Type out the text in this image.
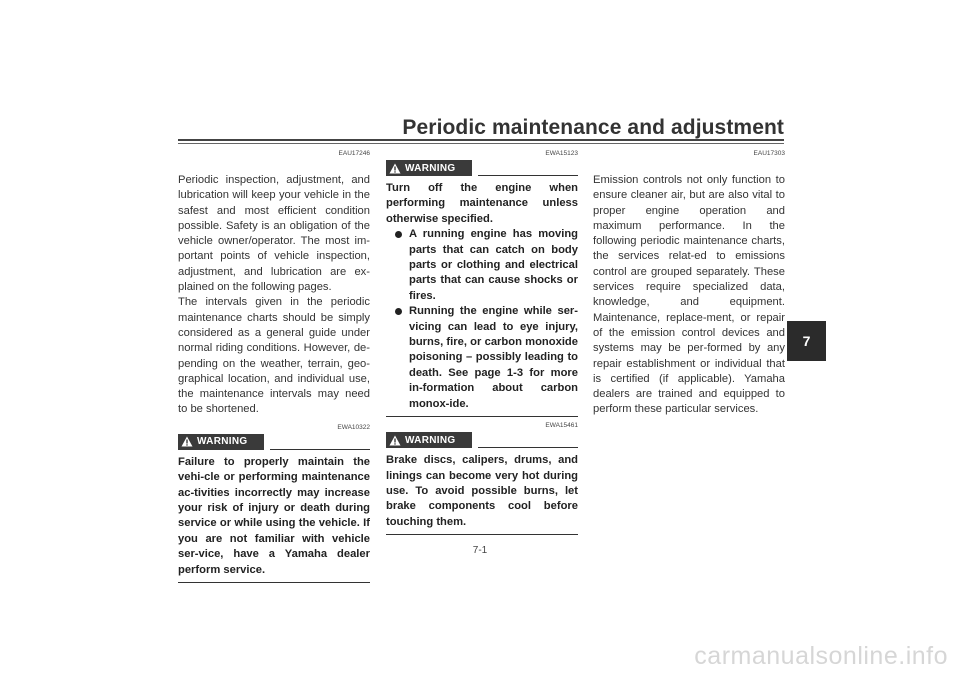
Periodic maintenance and adjustment
7
EAU17246

Periodic inspection, adjustment, and lubrication will keep your vehicle in the safest and most efficient condition possible. Safety is an obligation of the vehicle owner/operator. The most im-portant points of vehicle inspection, adjustment, and lubrication are ex-plained on the following pages.

The intervals given in the periodic maintenance charts should be simply considered as a general guide under normal riding conditions. However, de-pending on the weather, terrain, geo-graphical location, and individual use, the maintenance intervals may need to be shortened.

EWA10322
WARNING

Failure to properly maintain the vehi-cle or performing maintenance ac-tivities incorrectly may increase your risk of injury or death during service or while using the vehicle. If you are not familiar with vehicle ser-vice, have a Yamaha dealer perform service.

EWA15123
WARNING

Turn off the engine when performing maintenance unless otherwise specified.

A running engine has moving parts that can catch on body parts or clothing and electrical parts that can cause shocks or fires.
Running the engine while ser-vicing can lead to eye injury, burns, fire, or carbon monoxide poisoning – possibly leading to death. See page 1-3 for more in-formation about carbon monox-ide.
EWA15461
WARNING

Brake discs, calipers, drums, and linings can become very hot during use. To avoid possible burns, let brake components cool before touching them.

EAU17303

Emission controls not only function to ensure cleaner air, but are also vital to proper engine operation and maximum performance. In the following periodic maintenance charts, the services relat-ed to emissions control are grouped separately. These services require specialized data, knowledge, and equipment. Maintenance, replace-ment, or repair of the emission control devices and systems may be per-formed by any repair establishment or individual that is certified (if applicable). Yamaha dealers are trained and equipped to perform these particular services.

7-1
carmanualsonline.info
